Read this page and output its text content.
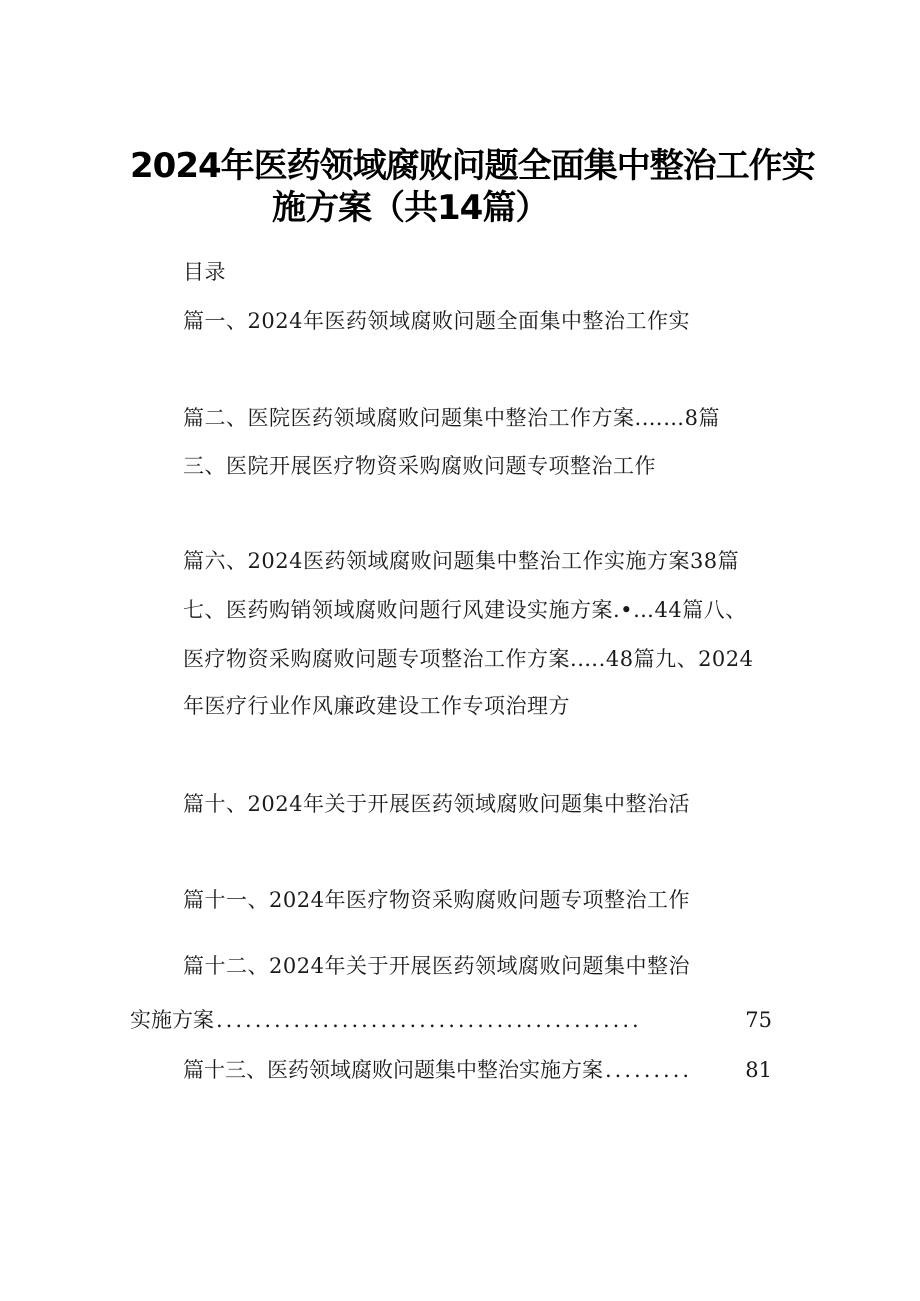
2024年医药领域腐败问题全面集中整治工作实
施方案（共14篇）
目录
篇一、2024年医药领域腐败问题全面集中整治工作实
篇二、医院医药领域腐败问题集中整治工作方案.……8篇
三、医院开展医疗物资采购腐败问题专项整治工作
篇六、2024医药领域腐败问题集中整治工作实施方案38篇
七、医药购销领域腐败问题行风建设实施方案.•…44篇八、
医疗物资采购腐败问题专项整治工作方案.….48篇九、2024
年医疗行业作风廉政建设工作专项治理方
篇十、2024年关于开展医药领域腐败问题集中整治活
篇十一、2024年医疗物资采购腐败问题专项整治工作
篇十二、2024年关于开展医药领域腐败问题集中整治
实施方案 ............................................	75
篇十三、医药领域腐败问题集中整治实施方案 .........	81
